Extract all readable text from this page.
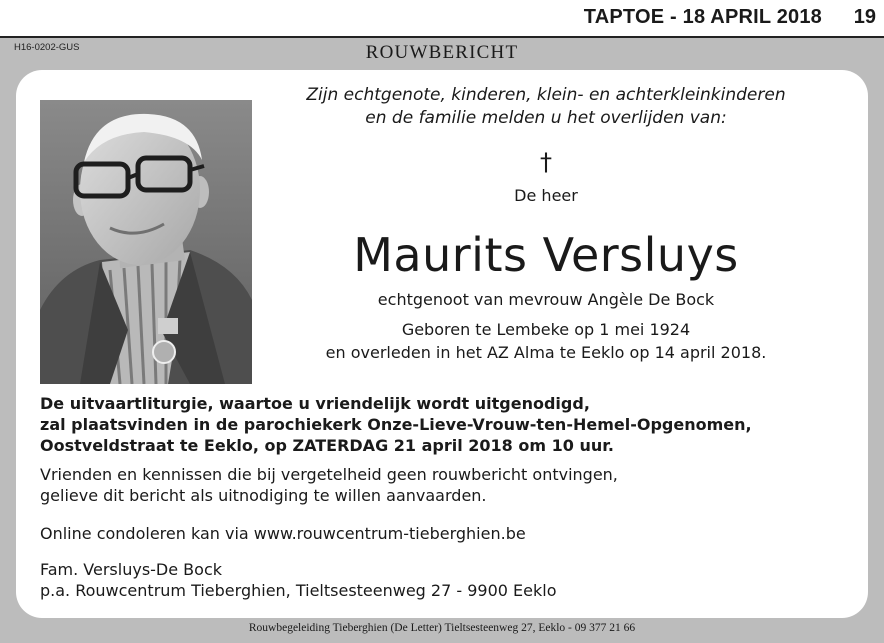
TAPTOE - 18 APRIL 2018 19
H16-0202-GUS	ROUWBERICHT
Zijn echtgenote, kinderen, klein- en achterkleinkinderen
en de familie melden u het overlijden van:
†
De heer
Maurits Versluys
echtgenoot van mevrouw Angèle De Bock
Geboren te Lembeke op 1 mei 1924
en overleden in het AZ Alma te Eeklo op 14 april 2018.
De uitvaartliturgie, waartoe u vriendelijk wordt uitgenodigd,
zal plaatsvinden in de parochiekerk Onze-Lieve-Vrouw-ten-Hemel-Opgenomen,
Oostveldstraat te Eeklo, op ZATERDAG 21 april 2018 om 10 uur.
Vrienden en kennissen die bij vergetelheid geen rouwbericht ontvingen,
gelieve dit bericht als uitnodiging te willen aanvaarden.
Online condoleren kan via www.rouwcentrum-tieberghien.be
Fam. Versluys-De Bock
p.a. Rouwcentrum Tieberghien, Tieltsesteenweg 27 - 9900 Eeklo
Rouwbegeleiding Tieberghien (De Letter) Tieltsesteenweg 27, Eeklo - 09 377 21 66
